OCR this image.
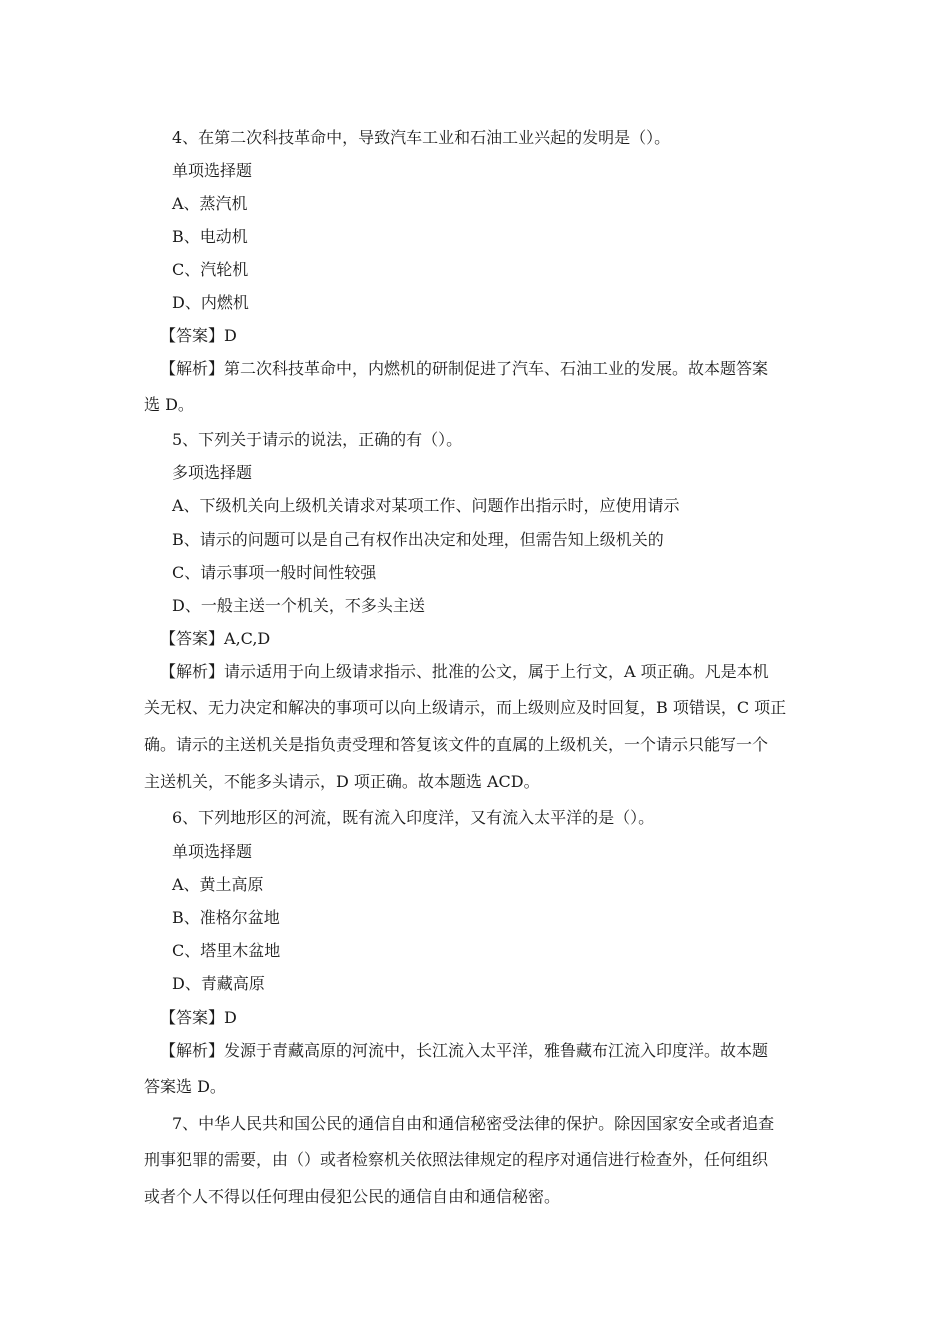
4、在第二次科技革命中，导致汽车工业和石油工业兴起的发明是（）。
单项选择题
A、蒸汽机
B、电动机
C、汽轮机
D、内燃机
【答案】D
【解析】第二次科技革命中，内燃机的研制促进了汽车、石油工业的发展。故本题答案
选 D。
5、下列关于请示的说法，正确的有（）。
多项选择题
A、下级机关向上级机关请求对某项工作、问题作出指示时，应使用请示
B、请示的问题可以是自己有权作出决定和处理，但需告知上级机关的
C、请示事项一般时间性较强
D、一般主送一个机关，不多头主送
【答案】A,C,D
【解析】请示适用于向上级请求指示、批准的公文，属于上行文，A 项正确。凡是本机
关无权、无力决定和解决的事项可以向上级请示，而上级则应及时回复，B 项错误，C 项正
确。请示的主送机关是指负责受理和答复该文件的直属的上级机关，一个请示只能写一个
主送机关，不能多头请示，D 项正确。故本题选 ACD。
6、下列地形区的河流，既有流入印度洋，又有流入太平洋的是（）。
单项选择题
A、黄土高原
B、准格尔盆地
C、塔里木盆地
D、青藏高原
【答案】D
【解析】发源于青藏高原的河流中，长江流入太平洋，雅鲁藏布江流入印度洋。故本题
答案选 D。
7、中华人民共和国公民的通信自由和通信秘密受法律的保护。除因国家安全或者追查
刑事犯罪的需要，由（）或者检察机关依照法律规定的程序对通信进行检查外，任何组织
或者个人不得以任何理由侵犯公民的通信自由和通信秘密。
